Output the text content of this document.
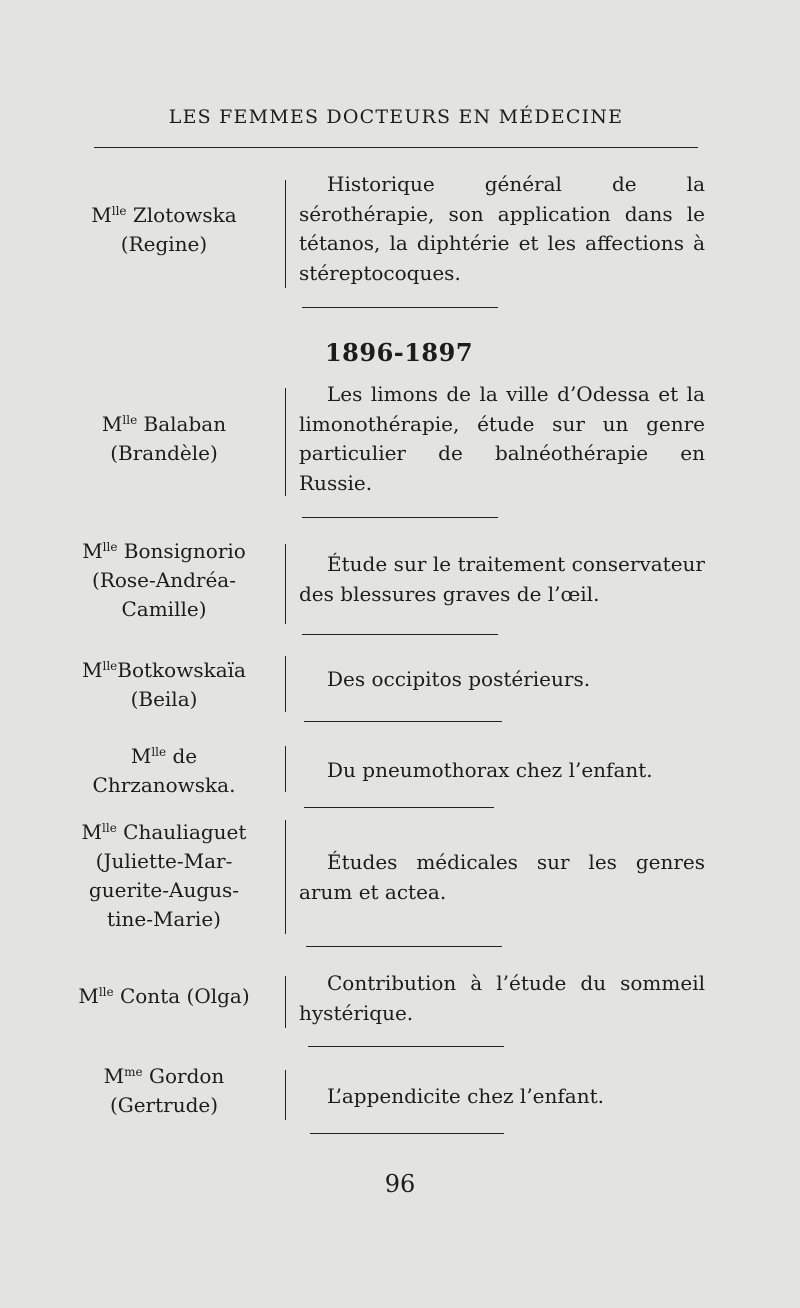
LES FEMMES DOCTEURS EN MÉDECINE
$M^{lle}$ Zlotowska
(Regine)
Historique général de la sérothérapie, son application dans le tétanos, la diphtérie et les affections à stéreptocoques.
1896-1897
$M^{lle}$ Balaban
(Brandèle)
Les limons de la ville d’Odessa et la limonothérapie, étude sur un genre particulier de balnéothérapie en Russie.
$M^{lle}$ Bonsignorio
(Rose-Andréa-
Camille)
Étude sur le traitement conservateur des blessures graves de l’œil.
$M^{lle}Botkowskaïa$
(Beila)
Des occipitos postérieurs.
$M^{lle}$ de
Chrzanowska.
Du pneumothorax chez l’enfant.
$M^{lle}$ Chauliaguet
(Juliette-Mar-
guerite-Augus-
tine-Marie)
Études médicales sur les genres arum et actea.
$M^{lle}$ Conta (Olga)
Contribution à l’étude du sommeil hystérique.
$M^{me}$ Gordon
(Gertrude)	L’appendicite chez l’enfant.
96
